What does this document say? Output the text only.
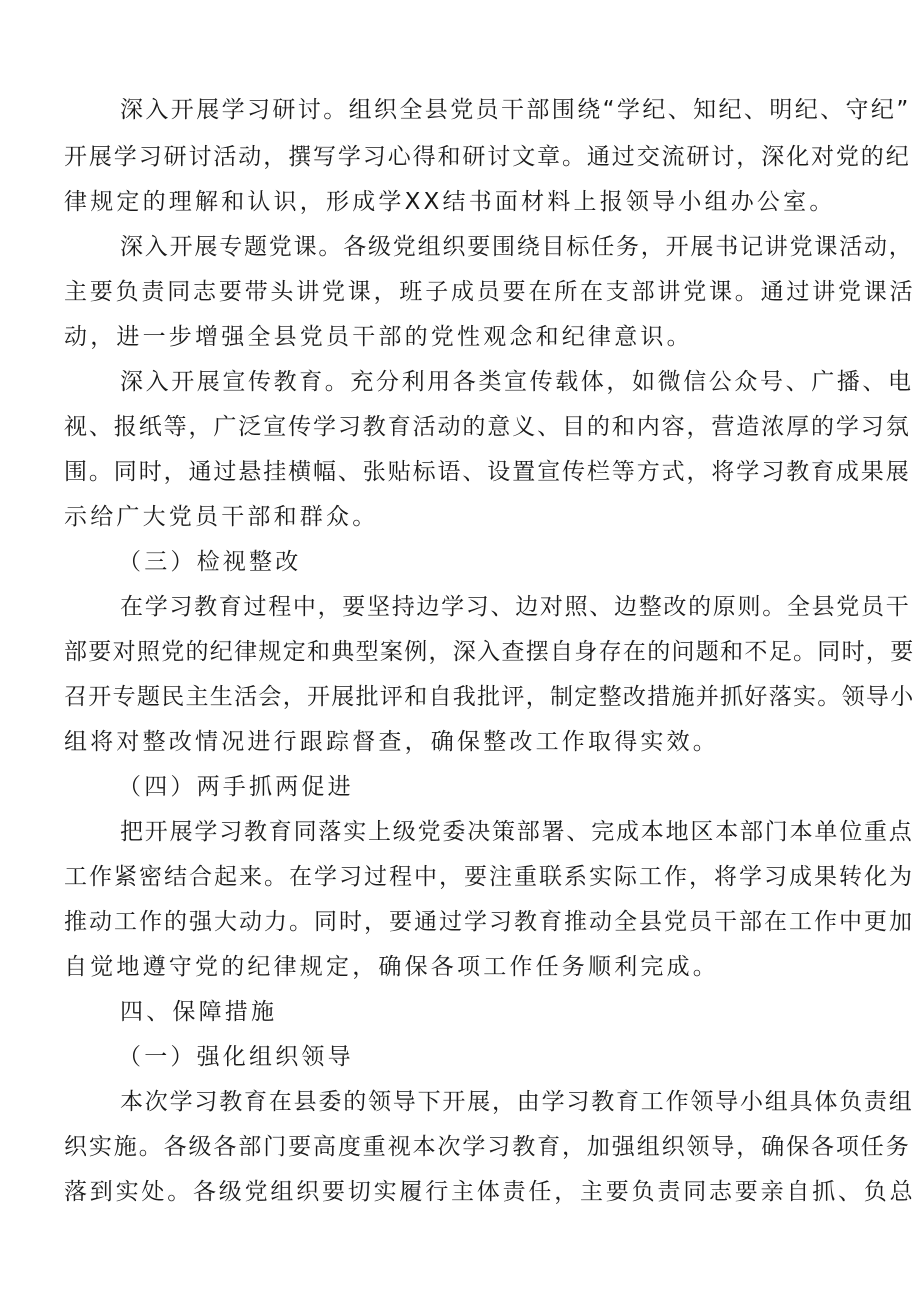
深入开展学习研讨。组织全县党员干部围绕“学纪、知纪、明纪、守纪”
开展学习研讨活动，撰写学习心得和研讨文章。通过交流研讨，深化对党的纪
律规定的理解和认识，形成学XX结书面材料上报领导小组办公室。
深入开展专题党课。各级党组织要围绕目标任务，开展书记讲党课活动，
主要负责同志要带头讲党课，班子成员要在所在支部讲党课。通过讲党课活
动，进一步增强全县党员干部的党性观念和纪律意识。
深入开展宣传教育。充分利用各类宣传载体，如微信公众号、广播、电
视、报纸等，广泛宣传学习教育活动的意义、目的和内容，营造浓厚的学习氛
围。同时，通过悬挂横幅、张贴标语、设置宣传栏等方式，将学习教育成果展
示给广大党员干部和群众。
（三）检视整改
在学习教育过程中，要坚持边学习、边对照、边整改的原则。全县党员干
部要对照党的纪律规定和典型案例，深入查摆自身存在的问题和不足。同时，要
召开专题民主生活会，开展批评和自我批评，制定整改措施并抓好落实。领导小
组将对整改情况进行跟踪督查，确保整改工作取得实效。
（四）两手抓两促进
把开展学习教育同落实上级党委决策部署、完成本地区本部门本单位重点
工作紧密结合起来。在学习过程中，要注重联系实际工作，将学习成果转化为
推动工作的强大动力。同时，要通过学习教育推动全县党员干部在工作中更加
自觉地遵守党的纪律规定，确保各项工作任务顺利完成。
四、保障措施
（一）强化组织领导
本次学习教育在县委的领导下开展，由学习教育工作领导小组具体负责组
织实施。各级各部门要高度重视本次学习教育，加强组织领导，确保各项任务
落到实处。各级党组织要切实履行主体责任，主要负责同志要亲自抓、负总
